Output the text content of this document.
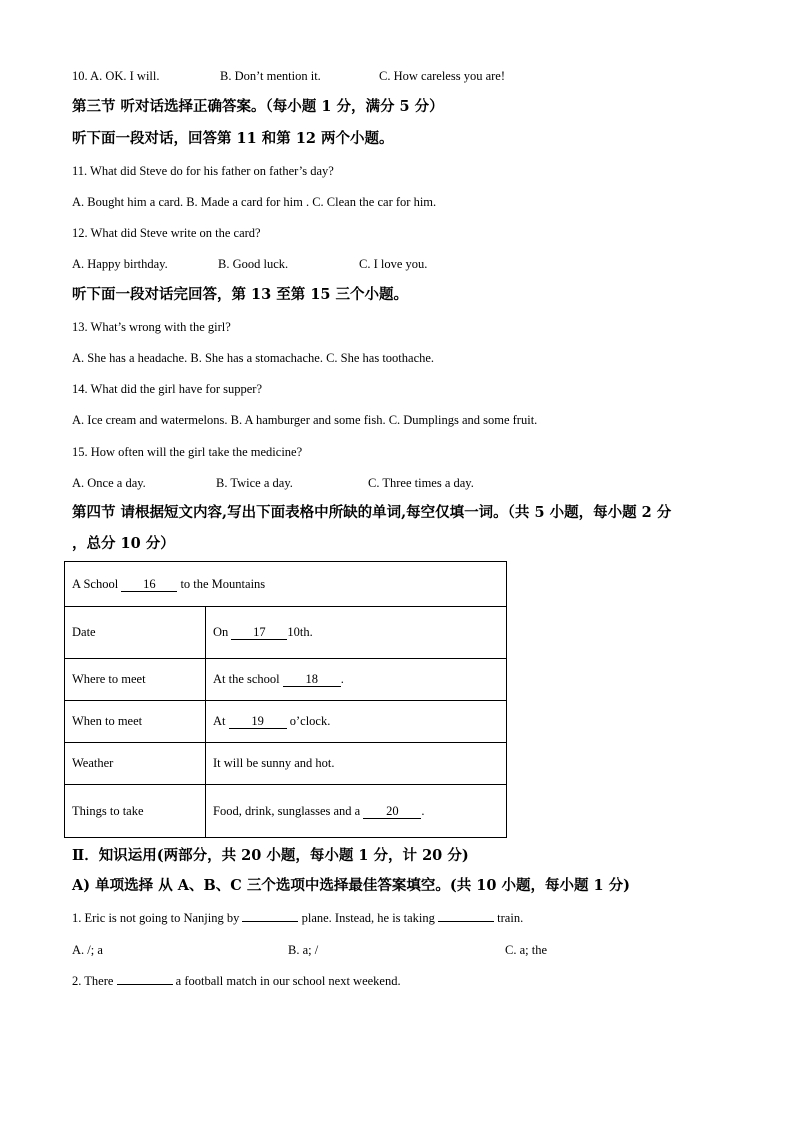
10. A. OK. I will.	B. Don’t mention it.	C. How careless you are!
第三节 听对话选择正确答案。（每小题 1 分，满分 5 分）
听下面一段对话，回答第 11 和第 12 两个小题。
11. What did Steve do for his father on father’s day?
A. Bought him a card. B. Made a card for him . C. Clean the car for him.
12. What did Steve write on the card?
A. Happy birthday.	B. Good luck.	C. I love you.
听下面一段对话完回答，第 13 至第 15 三个小题。
13. What’s wrong with the girl?
A. She has a headache. B. She has a stomachache. C. She has toothache.
14. What did the girl have for supper?
A. Ice cream and watermelons. B. A hamburger and some fish. C. Dumplings and some fruit.
15. How often will the girl take the medicine?
A. Once a day.	B. Twice a day.	C. Three times a day.
第四节 请根据短文内容,写出下面表格中所缺的单词,每空仅填一词。（共 5 小题，每小题 2 分
，总分 10 分）
A School 16 to the Mountains	
Date	On 17 10th.
Where to meet	At the school 18 .
When to meet	At 19 o’clock.
Weather	It will be sunny and hot.
Things to take	Food, drink, sunglasses and a 20 .
Ⅱ．知识运用(两部分，共 20 小题，每小题 1 分，计 20 分)
A) 单项选择 从 A、B、C 三个选项中选择最佳答案填空。(共 10 小题，每小题 1 分)
1. Eric is not going to Nanjing by	plane. Instead, he is taking	train.
A. /; a	B. a; /	C. a; the
2. There	a football match in our school next weekend.
